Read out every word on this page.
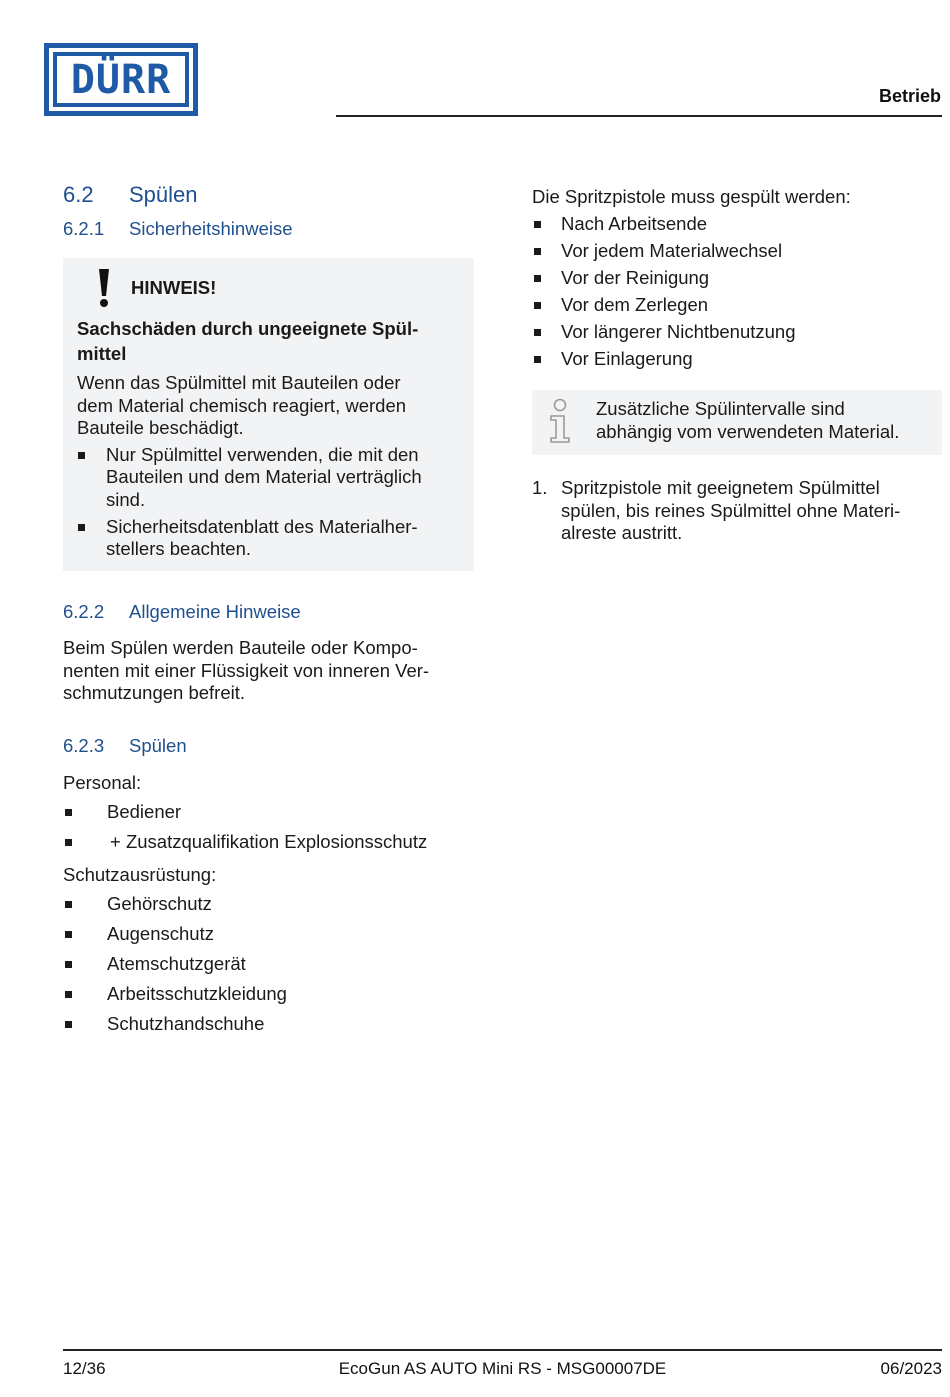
DÜRR	Betrieb
6.2	Spülen
6.2.1	Sicherheitshinweise
HINWEIS!
Sachschäden durch ungeeignete Spül-
mittel

Wenn das Spülmittel mit Bauteilen oder
dem Material chemisch reagiert, werden
Bauteile beschädigt.

Nur Spülmittel verwenden, die mit den
Bauteilen und dem Material verträglich
sind.
Sicherheitsdatenblatt des Materialher-
stellers beachten.
6.2.2	Allgemeine Hinweise
Beim Spülen werden Bauteile oder Kompo-
nenten mit einer Flüssigkeit von inneren Ver-
schmutzungen befreit.
6.2.3	Spülen
Personal:
Bediener
+ Zusatzqualifikation Explosionsschutz
Schutzausrüstung:
Gehörschutz
Augenschutz
Atemschutzgerät
Arbeitsschutzkleidung
Schutzhandschuhe
Die Spritzpistole muss gespült werden:
Nach Arbeitsende
Vor jedem Materialwechsel
Vor der Reinigung
Vor dem Zerlegen
Vor längerer Nichtbenutzung
Vor Einlagerung
Zusätzliche Spülintervalle sind
abhängig vom verwendeten Material.
1. Spritzpistole mit geeignetem Spülmittel
spülen, bis reines Spülmittel ohne Materi-
alreste austritt.
12/36	EcoGun AS AUTO Mini RS - MSG00007DE	06/2023
